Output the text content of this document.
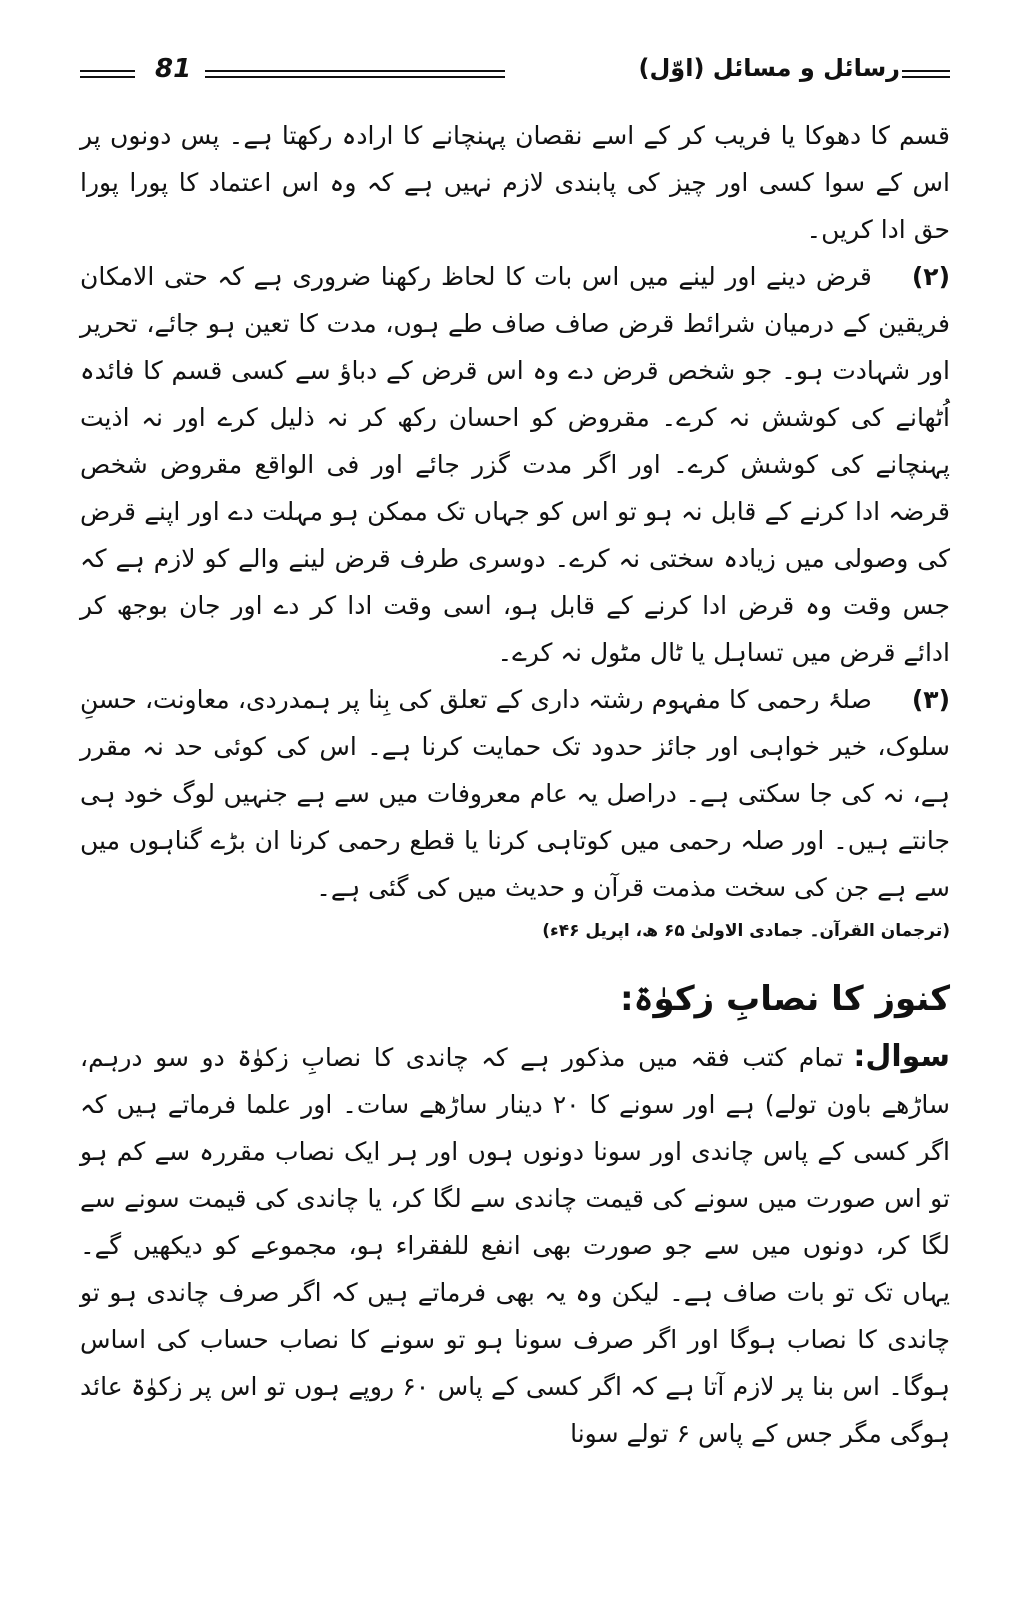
81	رسائل و مسائل (اوّل)

قسم کا دھوکا یا فریب کر کے اسے نقصان پہنچانے کا ارادہ رکھتا ہے۔ پس دونوں پر اس کے سوا کسی اور چیز کی پابندی لازم نہیں ہے کہ وہ اس اعتماد کا پورا پورا حق ادا کریں۔

(۲)قرض دینے اور لینے میں اس بات کا لحاظ رکھنا ضروری ہے کہ حتی الامکان فریقین کے درمیان شرائط قرض صاف صاف طے ہوں، مدت کا تعین ہو جائے، تحریر اور شہادت ہو۔ جو شخص قرض دے وہ اس قرض کے دباؤ سے کسی قسم کا فائدہ اُٹھانے کی کوشش نہ کرے۔ مقروض کو احسان رکھ کر نہ ذلیل کرے اور نہ اذیت پہنچانے کی کوشش کرے۔ اور اگر مدت گزر جائے اور فی الواقع مقروض شخص قرضہ ادا کرنے کے قابل نہ ہو تو اس کو جہاں تک ممکن ہو مہلت دے اور اپنے قرض کی وصولی میں زیادہ سختی نہ کرے۔ دوسری طرف قرض لینے والے کو لازم ہے کہ جس وقت وہ قرض ادا کرنے کے قابل ہو، اسی وقت ادا کر دے اور جان بوجھ کر ادائے قرض میں تساہل یا ٹال مٹول نہ کرے۔

(۳)صلۂ رحمی کا مفہوم رشتہ داری کے تعلق کی بِنا پر ہمدردی، معاونت، حسنِ سلوک، خیر خواہی اور جائز حدود تک حمایت کرنا ہے۔ اس کی کوئی حد نہ مقرر ہے، نہ کی جا سکتی ہے۔ دراصل یہ عام معروفات میں سے ہے جنہیں لوگ خود ہی جانتے ہیں۔ اور صلہ رحمی میں کوتاہی کرنا یا قطع رحمی کرنا ان بڑے گناہوں میں سے ہے جن کی سخت مذمت قرآن و حدیث میں کی گئی ہے۔

(ترجمان القرآن۔ جمادی الاولیٰ ۶۵ ھ، اپریل ۴۶ء)

کنوز کا نصابِ زکوٰۃ:

سوال:تمام کتب فقہ میں مذکور ہے کہ چاندی کا نصابِ زکوٰۃ دو سو درہم، ساڑھے باون تولے) ہے اور سونے کا ۲۰ دینار ساڑھے سات۔ اور علما فرماتے ہیں کہ اگر کسی کے پاس چاندی اور سونا دونوں ہوں اور ہر ایک نصاب مقررہ سے کم ہو تو اس صورت میں سونے کی قیمت چاندی سے لگا کر، یا چاندی کی قیمت سونے سے لگا کر، دونوں میں سے جو صورت بھی انفع للفقراء ہو، مجموعے کو دیکھیں گے۔ یہاں تک تو بات صاف ہے۔ لیکن وہ یہ بھی فرماتے ہیں کہ اگر صرف چاندی ہو تو چاندی کا نصاب ہوگا اور اگر صرف سونا ہو تو سونے کا نصاب حساب کی اساس ہوگا۔ اس بنا پر لازم آتا ہے کہ اگر کسی کے پاس ۶۰ روپے ہوں تو اس پر زکوٰۃ عائد ہوگی مگر جس کے پاس ۶ تولے سونا
